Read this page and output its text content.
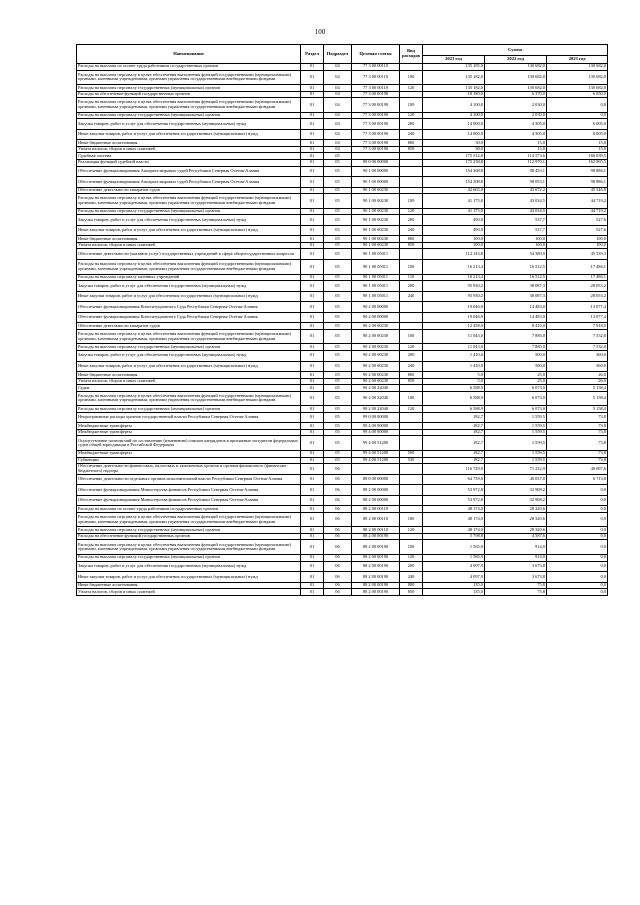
100
Наименование	Раздел	Подраздел	Целевая статья	Вид расходов	Сумма		
					2021 год	2022 год	2023 год
Расходы на выплаты по оплате труда работников государственных органов	01	04	77 3 00 00110		135 185,0	130 682,0	130 682,0
Расходы на выплаты персоналу в целях обеспечения выполнения функций государственными (муниципальными) органами, казенными учреждениями, органами управления государственными внебюджетными фондами	01	04	77 3 00 00110	100	135 182,0	130 682,0	130 682,0
Расходы на выплаты персоналу государственных (муниципальных) органов	01	04	77 3 00 00110	120	135 182,0	130 682,0	130 682,0
Расходы на обеспечение функций государственных органов	01	04	77 3 00 00190		18 180,0	6 370,0	6 050,0
Расходы на выплаты персоналу в целях обеспечения выполнения функций государственными (муниципальными) органами, казенными учреждениями, органами управления государственными внебюджетными фондами	01	04	77 3 00 00190	100	4 100,0	2 030,0	0,0
Расходы на выплаты персоналу государственных (муниципальных) органов	01	04	77 3 00 00190	120	4 100,0	2 030,0	0,0
Закупка товаров, работ и услуг для обеспечения государственных (муниципальных) нужд	01	04	77 3 00 00190	200	14 000,0	4 305,0	6 005,0
Иные закупки товаров, работ и услуг для обеспечения государственных (муниципальных) нужд	01	04	77 3 00 00190	240	14 000,0	4 305,0	6 005,0
Иные бюджетные ассигнования	01	04	77 3 00 00190	800	30,0	15,0	15,0
Уплата налогов, сборов и иных платежей	01	04	77 3 00 00190	850	30,0	15,0	15,0
Судебная система	01	05			175 312,8	114 573,6	166 039,5
Реализация функций судебной власти	01	05	90 0 00 00000		175 258,8	112 970,1	162 965,5
Обеспечение функционирования Аппарата мировых судей Республики Северная Осетия-Алания	01	05	90 1 00 00000		154 368,8	98 453,1	98 886,1
Обеспечение функционирования Аппарата мировых судей Республики Северная Осетия-Алания	01	05	90 1 00 00000		154 208,8	98 053,1	98 886,1
Обеспечение деятельности аппаратов судов	01	05	90 1 00 00230		42 665,0	43 672,2	45 346,8
Расходы на выплаты персоналу в целях обеспечения выполнения функций государственными (муниципальными) органами, казенными учреждениями, органами управления государственными внебюджетными фондами	01	05	90 1 00 00230	100	41 175,0	43 034,5	44 719,2
Расходы на выплаты персоналу государственных (муниципальных) органов	01	05	90 1 00 00230	120	41 175,0	43 034,5	44 719,2
Закупка товаров, работ и услуг для обеспечения государственных (муниципальных) нужд	01	05	90 1 00 00230	200	490,0	537,7	527,6
Иные закупки товаров, работ и услуг для обеспечения государственных (муниципальных) нужд	01	05	90 1 00 00230	240	490,0	537,7	527,6
Иные бюджетные ассигнования	01	05	90 1 00 00230	800	100,0	100,0	100,0
Уплата налогов, сборов и иных платежей	01	05	90 1 00 00230	850	100,0	100,0	100,0
Обеспечение деятельности (оказание услуг) государственных учреждений в сфере общегосударственных вопросов	01	05	90 1 00 05011		112 143,8	54 380,9	45 539,3
Расходы на выплаты персоналу в целях обеспечения выполнения функций государственными (муниципальными) органами, казенными учреждениями, органами управления государственными внебюджетными фондами	01	05	90 1 00 05011	100	16 213,4	16 512,5	17 486,1
Расходы на выплаты персоналу казенных учреждений	01	05	90 1 00 05011	110	16 213,4	16 512,5	17 486,1
Закупка товаров, работ и услуг для обеспечения государственных (муниципальных) нужд	01	05	90 1 00 05011	200	95 930,2	38 087,3	28 053,2
Иные закупки товаров, работ и услуг для обеспечения государственных (муниципальных) нужд	01	05	90 1 00 05011	240	95 930,2	38 087,3	28 053,2
Обеспечение функционирования Конституционного Суда Республики Северная Осетия-Алания	01	05	90 2 00 00000		19 046,9	14 483,0	13 077,4
Обеспечение функционирования Конституционного Суда Республики Северная Осетия-Алания	01	05	90 2 00 00000		19 046,9	14 483,0	13 077,4
Обеспечение деятельности аппаратов судов	01	05	90 2 00 00230		12 458,0	8 410,0	7 918,0
Расходы на выплаты персоналу в целях обеспечения выполнения функций государственными (муниципальными) органами, казенными учреждениями, органами управления государственными внебюджетными фондами	01	05	90 2 00 00230	100	11 043,0	7 885,0	7 532,0
Расходы на выплаты персоналу государственных (муниципальных) органов	01	05	90 2 00 00230	120	11 043,0	7 885,0	7 532,0
Закупка товаров, работ и услуг для обеспечения государственных (муниципальных) нужд	01	05	90 2 00 00230	200	1 410,0	500,0	360,0
Иные закупки товаров, работ и услуг для обеспечения государственных (муниципальных) нужд	01	05	90 2 00 00230	240	1 410,0	500,0	360,0
Иные бюджетные ассигнования	01	05	90 2 00 00230	800	5,0	25,0	26,0
Уплата налогов, сборов и иных платежей	01	05	90 2 00 00230	850	5,0	25,0	26,0
Судьи	01	05	90 2 00 22040		6 588,9	6 073,0	5 158,4
Расходы на выплаты персоналу в целях обеспечения выполнения функций государственными (муниципальными) органами, казенными учреждениями, органами управления государственными внебюджетными фондами	01	05	90 2 00 22040	100	6 588,9	6 073,0	5 158,4
Расходы на выплаты персоналу государственных (муниципальных) органов	01	05	90 2 00 22040	120	6 588,9	6 073,0	5 158,4
Непрограммные расходы органов государственной власти Республики Северная Осетия-Алания	01	05	99 0 00 00000		182,7	1 559,5	73,8
Межбюджетные трансферты	01	05	99 4 00 00000		182,7	1 559,5	73,8
Межбюджетные трансферты	01	05	99 4 00 00000		182,7	1 559,5	73,8
Осуществление полномочий по составлению (изменению) списков кандидатов в присяжные заседатели федеральных судов общей юрисдикции в Российской Федерации	01	05	99 4 00 51200		182,7	1 559,5	73,8
Межбюджетные трансферты	01	05	99 4 00 51200	500	182,7	1 559,5	73,8
Субвенции	01	05	99 4 00 51200	530	182,7	1 559,5	73,8
Обеспечение деятельности финансовых, налоговых и таможенных органов и органов финансового (финансово-бюджетного) надзора	01	06			116 729,9	71 232,9	40 007,6
Обеспечение деятельности отдельных органов исполнительной власти Республики Северная Осетия-Алания	01	06	88 0 00 00000		64 739,0	40 037,0	6 713,8
Обеспечение функционирования Министерства финансов Республики Северная Осетия-Алания	01	06	88 2 00 00000		53 972,8	32 908,2	0,0
Обеспечение функционирования Министерства финансов Республики Северная Осетия-Алания	01	06	88 2 00 00000		53 972,8	32 908,2	0,0
Расходы на выплаты по оплате труда работников государственных органов	01	06	88 2 00 00110		48 174,0	28 320,6	0,0
Расходы на выплаты персоналу в целях обеспечения выполнения функций государственными (муниципальными) органами, казенными учреждениями, органами управления государственными внебюджетными фондами	01	06	88 2 00 00110	100	48 174,0	28 320,6	0,0
Расходы на выплаты персоналу государственных (муниципальных) органов	01	06	88 2 00 00110	120	48 174,0	28 320,6	0,0
Расходы на обеспечение функций государственных органов	01	06	88 2 00 00190		5 798,8	4 587,6	0,0
Расходы на выплаты персоналу в целях обеспечения выполнения функций государственными (муниципальными) органами, казенными учреждениями, органами управления государственными внебюджетными фондами	01	06	88 2 00 00190	100	1 565,9	914,0	0,0
Расходы на выплаты персоналу государственных (муниципальных) органов	01	06	88 2 00 00190	120	1 565,9	914,0	0,0
Закупка товаров, работ и услуг для обеспечения государственных (муниципальных) нужд	01	06	88 2 00 00190	200	4 097,9	3 673,8	0,0
Иные закупки товаров, работ и услуг для обеспечения государственных (муниципальных) нужд	01	06	88 2 00 00190	240	4 097,9	3 673,8	0,0
Иные бюджетные ассигнования	01	06	88 2 00 00190	800	135,0	75,8	0,0
Уплата налогов, сборов и иных платежей	01	06	88 2 00 00190	850	135,0	75,8	0,0
